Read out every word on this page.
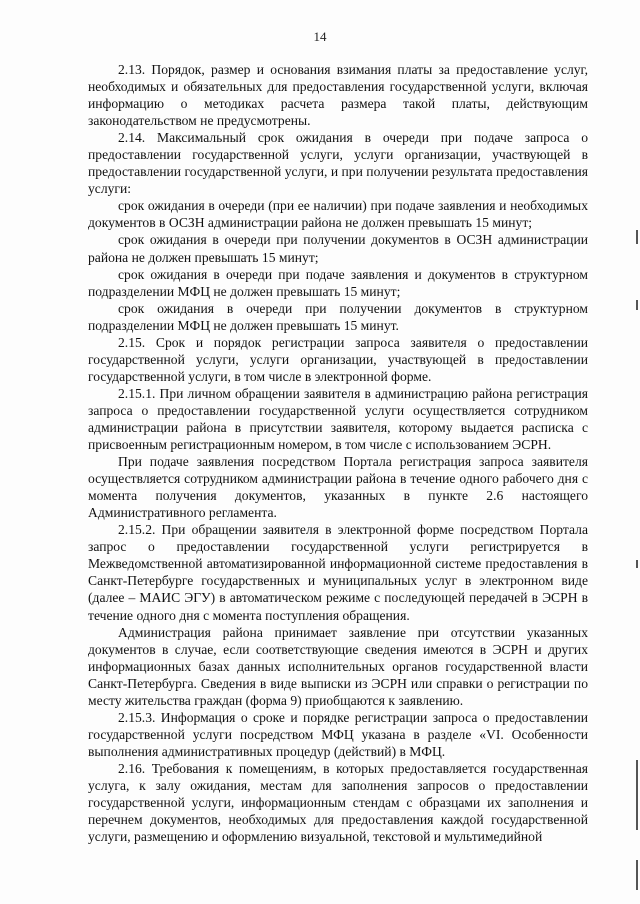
14

2.13. Порядок, размер и основания взимания платы за предоставление услуг, необходимых и обязательных для предоставления государственной услуги, включая информацию о методиках расчета размера такой платы, действующим законодательством не предусмотрены.

2.14. Максимальный срок ожидания в очереди при подаче запроса о предоставлении государственной услуги, услуги организации, участвующей в предоставлении государственной услуги, и при получении результата предоставления услуги:

срок ожидания в очереди (при ее наличии) при подаче заявления и необходимых документов в ОСЗН администрации района не должен превышать 15 минут;

срок ожидания в очереди при получении документов в ОСЗН администрации района не должен превышать 15 минут;

срок ожидания в очереди при подаче заявления и документов в структурном подразделении МФЦ не должен превышать 15 минут;

срок ожидания в очереди при получении документов в структурном подразделении МФЦ не должен превышать 15 минут.

2.15. Срок и порядок регистрации запроса заявителя о предоставлении государственной услуги, услуги организации, участвующей в предоставлении государственной услуги, в том числе в электронной форме.

2.15.1. При личном обращении заявителя в администрацию района регистрация запроса о предоставлении государственной услуги осуществляется сотрудником администрации района в присутствии заявителя, которому выдается расписка с присвоенным регистрационным номером, в том числе с использованием ЭСРН.

При подаче заявления посредством Портала регистрация запроса заявителя осуществляется сотрудником администрации района в течение одного рабочего дня с момента получения документов, указанных в пункте 2.6 настоящего Административного регламента.

2.15.2. При обращении заявителя в электронной форме посредством Портала запрос о предоставлении государственной услуги регистрируется в Межведомственной автоматизированной информационной системе предоставления в Санкт-Петербурге государственных и муниципальных услуг в электронном виде (далее – МАИС ЭГУ) в автоматическом режиме с последующей передачей в ЭСРН в течение одного дня с момента поступления обращения.

Администрация района принимает заявление при отсутствии указанных документов в случае, если соответствующие сведения имеются в ЭСРН и других информационных базах данных исполнительных органов государственной власти Санкт-Петербурга. Сведения в виде выписки из ЭСРН или справки о регистрации по месту жительства граждан (форма 9) приобщаются к заявлению.

2.15.3. Информация о сроке и порядке регистрации запроса о предоставлении государственной услуги посредством МФЦ указана в разделе «VI. Особенности выполнения административных процедур (действий) в МФЦ.

2.16. Требования к помещениям, в которых предоставляется государственная услуга, к залу ожидания, местам для заполнения запросов о предоставлении государственной услуги, информационным стендам с образцами их заполнения и перечнем документов, необходимых для предоставления каждой государственной услуги, размещению и оформлению визуальной, текстовой и мультимедийной
